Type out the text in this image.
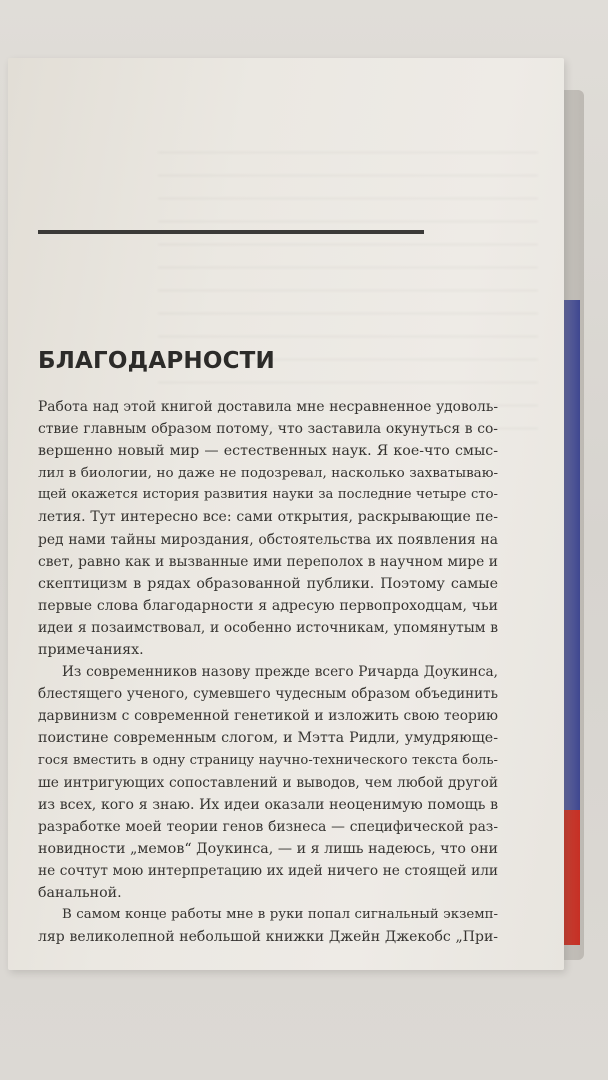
БЛАГОДАРНОСТИ
Работа над этой книгой доставила мне несравненное удоволь-
ствие главным образом потому, что заставила окунуться в со-
вершенно новый мир — естественных наук. Я кое-что смыс-
лил в биологии, но даже не подозревал, насколько захватываю-
щей окажется история развития науки за последние четыре сто-
летия. Тут интересно все: сами открытия, раскрывающие пе-
ред нами тайны мироздания, обстоятельства их появления на
свет, равно как и вызванные ими переполох в научном мире и
скептицизм в рядах образованной публики. Поэтому самые
первые слова благодарности я адресую первопроходцам, чьи
идеи я позаимствовал, и особенно источникам, упомянутым в
примечаниях.
Из современников назову прежде всего Ричарда Доукинса,
блестящего ученого, сумевшего чудесным образом объединить
дарвинизм с современной генетикой и изложить свою теорию
поистине современным слогом, и Мэтта Ридли, умудряюще-
гося вместить в одну страницу научно-технического текста боль-
ше интригующих сопоставлений и выводов, чем любой другой
из всех, кого я знаю. Их идеи оказали неоценимую помощь в
разработке моей теории генов бизнеса — специфической раз-
новидности „мемов“ Доукинса, — и я лишь надеюсь, что они
не сочтут мою интерпретацию их идей ничего не стоящей или
банальной.
В самом конце работы мне в руки попал сигнальный экземп-
ляр великолепной небольшой книжки Джейн Джекобс „При-
